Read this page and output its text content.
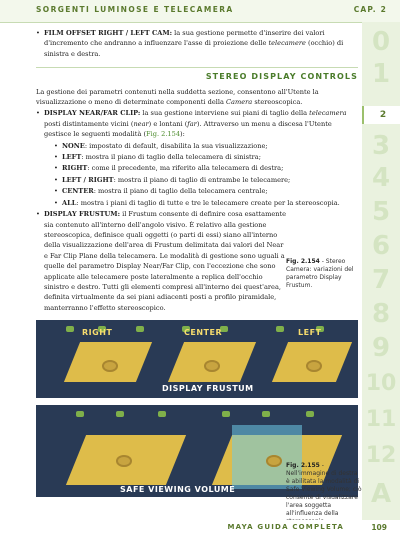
SORGENTI LUMINOSE E TELECAMERA	CAP. 2
0
1
2
3
4
5
6
7
8
9
10
11
12
A
• FILM OFFSET RIGHT / LEFT CAM: la sua gestione permette d'inserire dei valori d'incremento che andranno a influenzare l'asse di proiezione delle telecamere (occhio) di sinistra e destra.
STEREO DISPLAY CONTROLS
La gestione dei parametri contenuti nella suddetta sezione, consentono all'Utente la visualizzazione o meno di determinate componenti della Camera stereoscopica.
• DISPLAY NEAR/FAR CLIP: la sua gestione interviene sui piani di taglio della telecamera posti distintamente vicini (near) e lontani (far). Attraverso un menu a discesa l'Utente gestisce le seguenti modalità (Fig. 2.154):
• NONE: impostato di default, disabilita la sua visualizzazione;
• LEFT: mostra il piano di taglio della telecamera di sinistra;
• RIGHT: come il precedente, ma riferito alla telecamera di destra;
• LEFT / RIGHT: mostra il piano di taglio di entrambe le telecamere;
• CENTER: mostra il piano di taglio della telecamera centrale;
• ALL: mostra i piani di taglio di tutte e tre le telecamere create per la stereoscopia.
• DISPLAY FRUSTUM: il Frustum consente di definire cosa esattamente sia contenuto all'interno dell'angolo visivo. È relativo alla gestione stereoscopica, definisce quali oggetti (o parti di essi) siano all'interno della visualizzazione dell'area di Frustum delimitata dai valori del Near e Far Clip Plane della telecamera. Le modalità di gestione sono uguali a quelle del parametro Display Near/Far Clip, con l'eccezione che sono applicate alle telecamere poste lateralmente a replica dell'occhio sinistro e destro. Tutti gli elementi compresi all'interno dei quest'area, definita virtualmente da sei piani adiacenti posti a profilo piramidale, manterranno l'effetto stereoscopico.
Fig. 2.154 - Stereo Camera: variazioni del parametro Display Frustum.
RIGHT	CENTER	LEFT
DISPLAY FRUSTUM
SAFE VIEWING VOLUME
Fig. 2.155 - Nell'immagine di destra è abilitata la modalità di Safe Viewing Volume; ciò consente di visualizzare l'area soggetta all'influenza della
MAYA GUIDA COMPLETA	109
